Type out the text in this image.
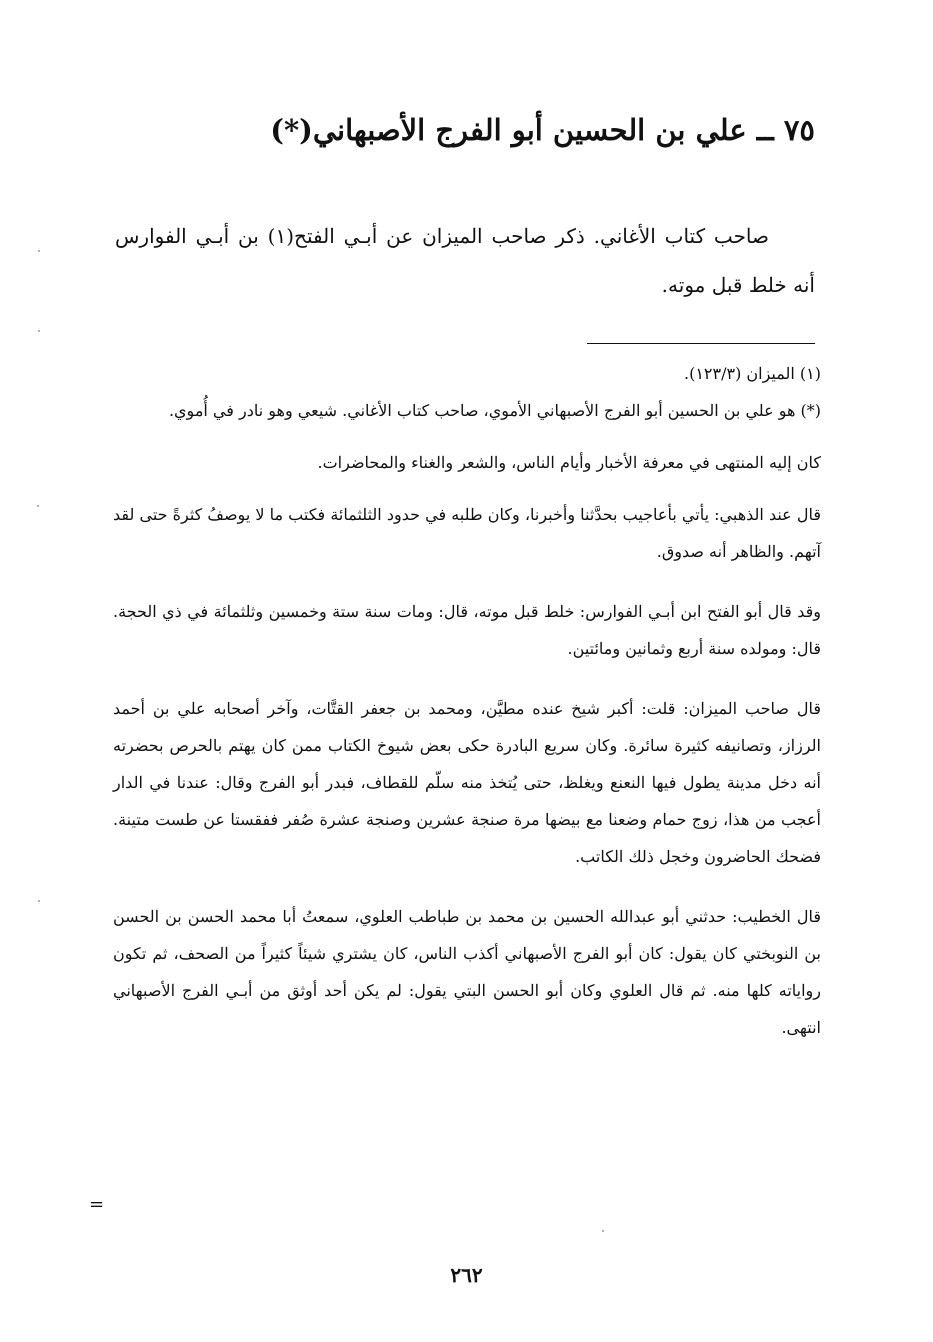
٧٥ ــ علي بن الحسين أبو الفرج الأصبهاني(*)

صاحب كتاب الأغاني. ذكر صاحب الميزان عن أبـي الفتح(١) بن أبـي الفوارس أنه خلط قبل موته.

(١) الميزان (١٢٣/٣).

(*) هو علي بن الحسين أبو الفرج الأصبهاني الأموي، صاحب كتاب الأغاني. شيعي وهو نادر في أُموي.

كان إليه المنتهى في معرفة الأخبار وأيام الناس، والشعر والغناء والمحاضرات.

قال عند الذهبي: يأتي بأعاجيب بحدَّثنا وأخبرنا، وكان طلبه في حدود الثلثمائة فكتب ما لا يوصفُ كثرةً حتى لقد آتهم. والظاهر أنه صدوق.

وقد قال أبو الفتح ابن أبـي الفوارس: خلط قبل موته، قال: ومات سنة ستة وخمسين وثلثمائة في ذي الحجة. قال: ومولده سنة أربع وثمانين ومائتين.

قال صاحب الميزان: قلت: أكبر شيخ عنده مطيَّن، ومحمد بن جعفر القتَّات، وآخر أصحابه علي بن أحمد الرزاز، وتصانيفه كثيرة سائرة. وكان سريع البادرة حكى بعض شيوخ الكتاب ممن كان يهتم بالحرص بحضرته أنه دخل مدينة يطول فيها النعنع ويغلظ، حتى يُتخذ منه سلّم للقطاف، فبدر أبو الفرج وقال: عندنا في الدار أعجب من هذا، زوج حمام وضعنا مع بيضها مرة صنجة عشرين وصنجة عشرة صُفر ففقستا عن طست متينة. فضحك الحاضرون وخجل ذلك الكاتب.

قال الخطيب: حدثني أبو عبدالله الحسين بن محمد بن طباطب العلوي، سمعتُ أبا محمد الحسن بن الحسن بن النوبختي كان يقول: كان أبو الفرج الأصبهاني أكذب الناس، كان يشتري شيئاً كثيراً من الصحف، ثم تكون رواياته كلها منه. ثم قال العلوي وكان أبو الحسن البتي يقول: لم يكن أحد أوثق من أبـي الفرج الأصبهاني انتهى.

=
٢٦٢
